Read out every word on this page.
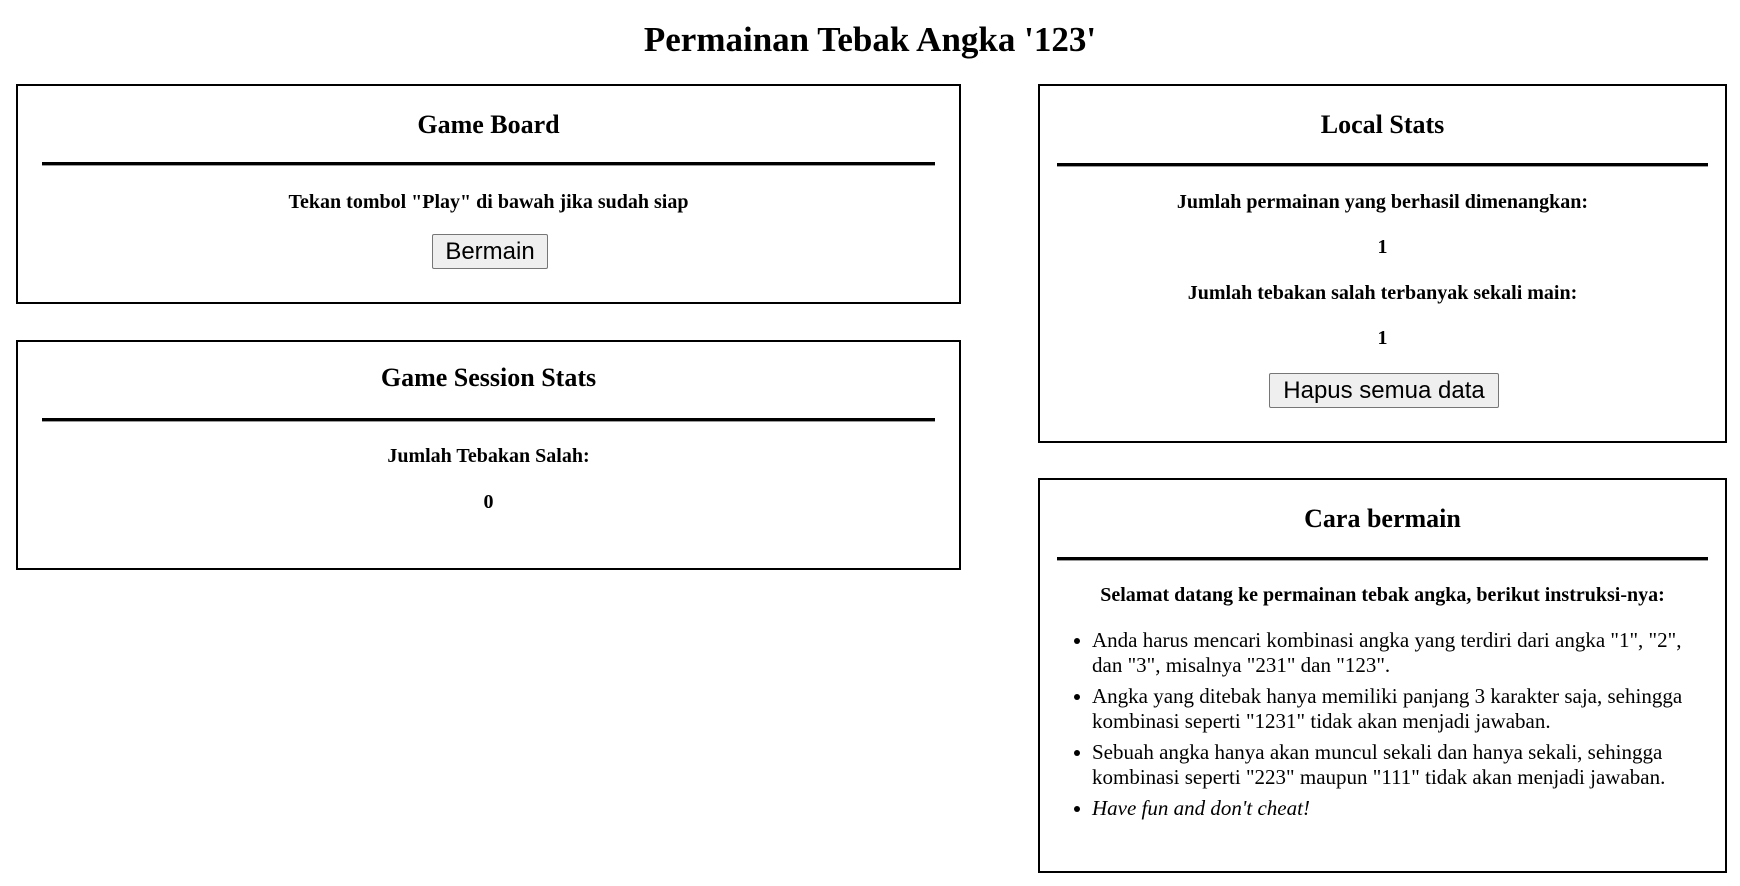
Permainan Tebak Angka '123'
Game Board

Tekan tombol "Play" di bawah jika sudah siap

Bermain
Game Session Stats

Jumlah Tebakan Salah:

0

Local Stats

Jumlah permainan yang berhasil dimenangkan:

1

Jumlah tebakan salah terbanyak sekali main:

1

Hapus semua data
Cara bermain

Selamat datang ke permainan tebak angka, berikut instruksi-nya:

Anda harus mencari kombinasi angka yang terdiri dari angka "1", "2", dan "3", misalnya "231" dan "123".
Angka yang ditebak hanya memiliki panjang 3 karakter saja, sehingga kombinasi seperti "1231" tidak akan menjadi jawaban.
Sebuah angka hanya akan muncul sekali dan hanya sekali, sehingga kombinasi seperti "223" maupun "111" tidak akan menjadi jawaban.
Have fun and don't cheat!
